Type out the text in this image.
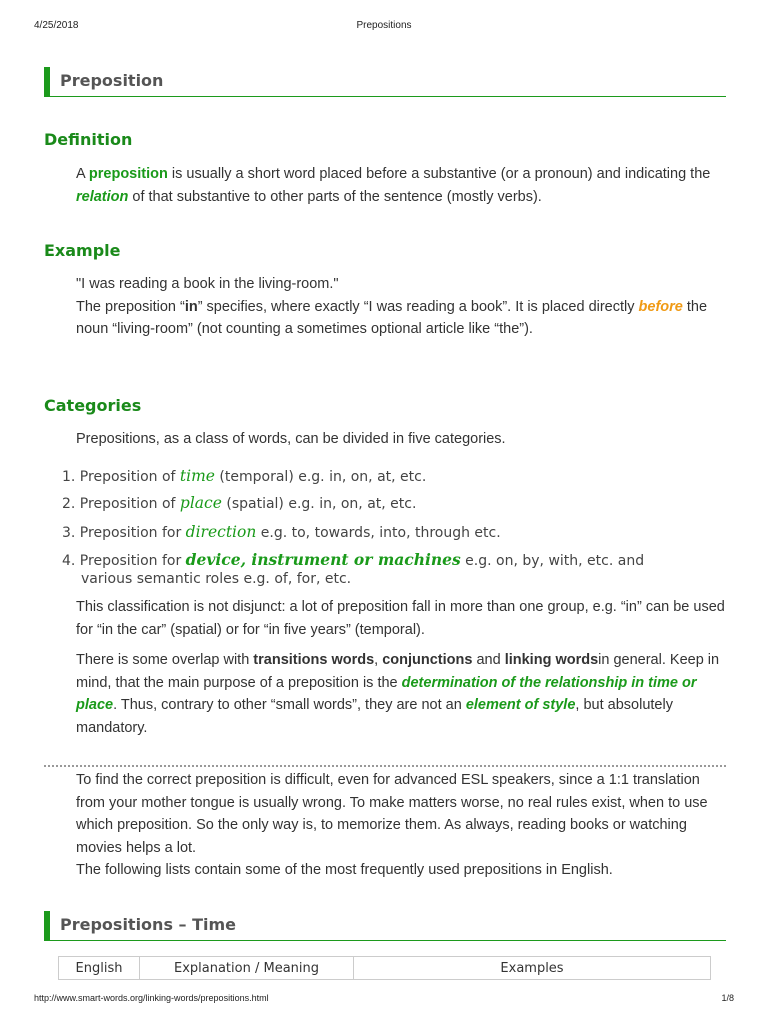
4/25/2018	Prepositions
Preposition
Definition
A preposition is usually a short word placed before a substantive (or a pronoun) and indicating the relation of that substantive to other parts of the sentence (mostly verbs).
Example
"I was reading a book in the living-room."
The preposition “in” specifies, where exactly “I was reading a book”. It is placed directly before the noun “living-room” (not counting a sometimes optional article like “the”).
Categories
Prepositions, as a class of words, can be divided in five categories.
1. Preposition of time (temporal) e.g. in, on, at, etc.
2. Preposition of place (spatial) e.g. in, on, at, etc.
3. Preposition for direction e.g. to, towards, into, through etc.
4. Preposition for device, instrument or machines e.g. on, by, with, etc. and
various semantic roles e.g. of, for, etc.
This classification is not disjunct: a lot of preposition fall in more than one group, e.g. “in” can be used for “in the car” (spatial) or for “in five years” (temporal).
There is some overlap with transitions words, conjunctions and linking wordsin general. Keep in mind, that the main purpose of a preposition is the determination of the relationship in time or place. Thus, contrary to other “small words”, they are not an element of style, but absolutely mandatory.
To find the correct preposition is difficult, even for advanced ESL speakers, since a 1:1 translation from your mother tongue is usually wrong. To make matters worse, no real rules exist, when to use which preposition. So the only way is, to memorize them. As always, reading books or watching movies helps a lot.
The following lists contain some of the most frequently used prepositions in English.
Prepositions – Time
English	Explanation / Meaning	Examples
http://www.smart-words.org/linking-words/prepositions.html	1/8
